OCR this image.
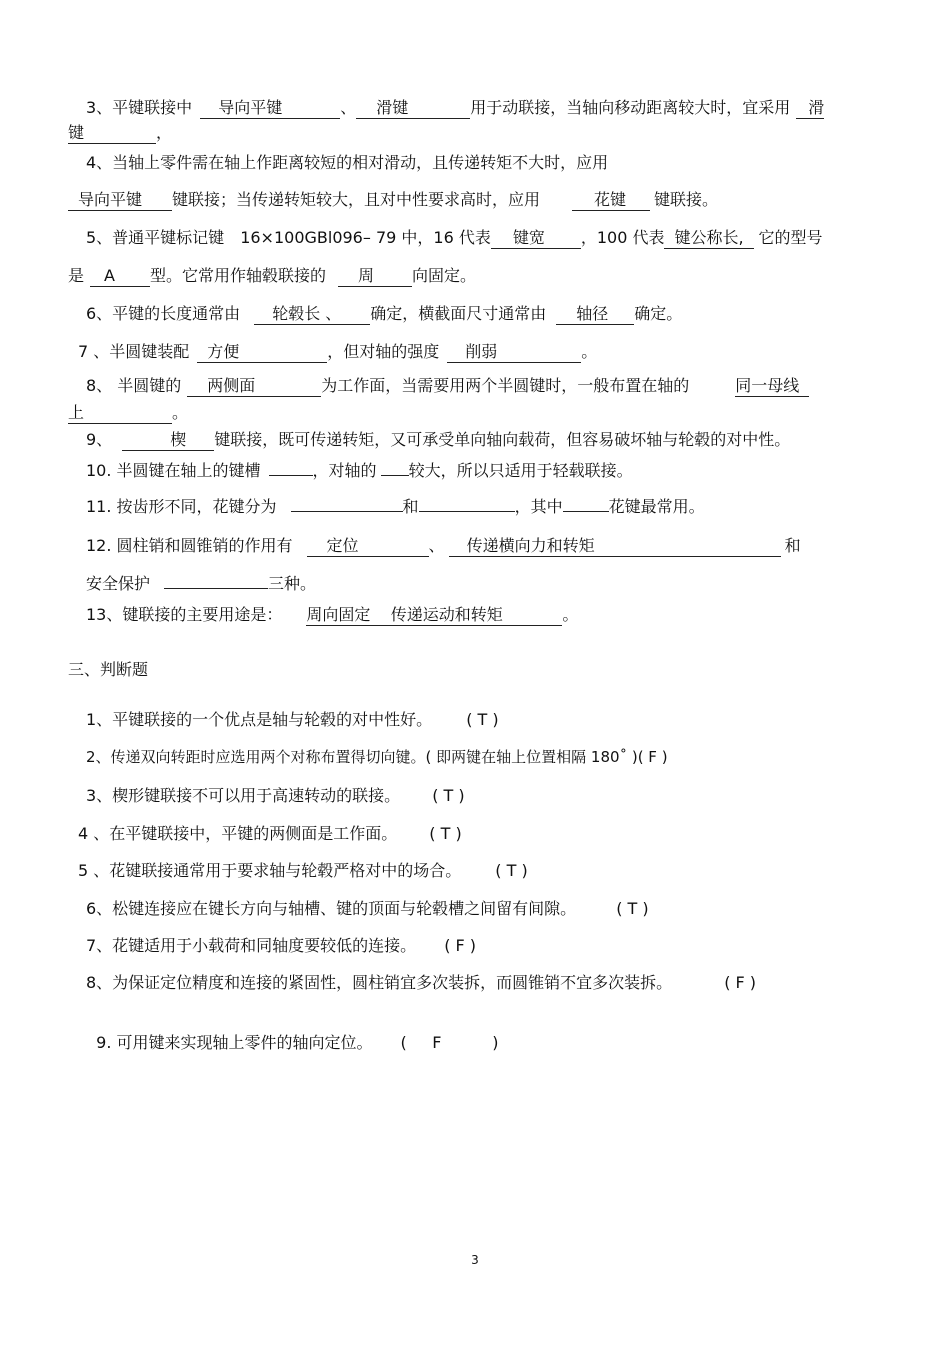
3、平键联接中 导向平键	、 滑键	用于动联接，当轴向移动距离较大时，宜采用 滑
键	，
4、当轴上零件需在轴上作距离较短的相对滑动，且传递转矩不大时，应用
导向平键 键联接；当传递转矩较大，且对中性要求高时，应用	花键 键联接。
5、普通平键标记键 16×100GBl096– 79 中，16 代表 键宽 ，100 代表 键公称长, 它的型号
是 A 型。它常用作轴毂联接的 周 向固定。
6、平键的长度通常由 轮毂长 、 确定，横截面尺寸通常由 轴径 确定。
7 、半圆键装配 方便	，但对轴的强度 削弱	。
8、 半圆键的 两侧面	为工作面，当需要用两个半圆键时，一般布置在轴的	同一母线
上	。
9、	楔 键联接，既可传递转矩，又可承受单向轴向载荷，但容易破坏轴与轮毂的对中性。
10. 半圆键在轴上的键槽	，对轴的 较大，所以只适用于轻载联接。
11. 按齿形不同，花键分为	和	，其中	花键最常用。
12. 圆柱销和圆锥销的作用有 定位	、 传递横向力和转矩	和
安全保护	三种。
13、键联接的主要用途是： 周向固定    传递运动和转矩	。
三、判断题
1、平键联接的一个优点是轴与轮毂的对中性好。 ( T )
2、传递双向转距时应选用两个对称布置得切向键。( 即两键在轴上位置相隔 180˚ )( F )
3、楔形键联接不可以用于高速转动的联接。 ( T )
4 、在平键联接中，平键的两侧面是工作面。 ( T )
5 、花键联接通常用于要求轴与轮毂严格对中的场合。 ( T )
6、松键连接应在键长方向与轴槽、键的顶面与轮毂槽之间留有间隙。	( T )
7、花键适用于小载荷和同轴度要较低的连接。 ( F )
8、为保证定位精度和连接的紧固性，圆柱销宜多次装拆，而圆锥销不宜多次装拆。	( F )

9. 可用键来实现轴上零件的轴向定位。 (     F          )

3
